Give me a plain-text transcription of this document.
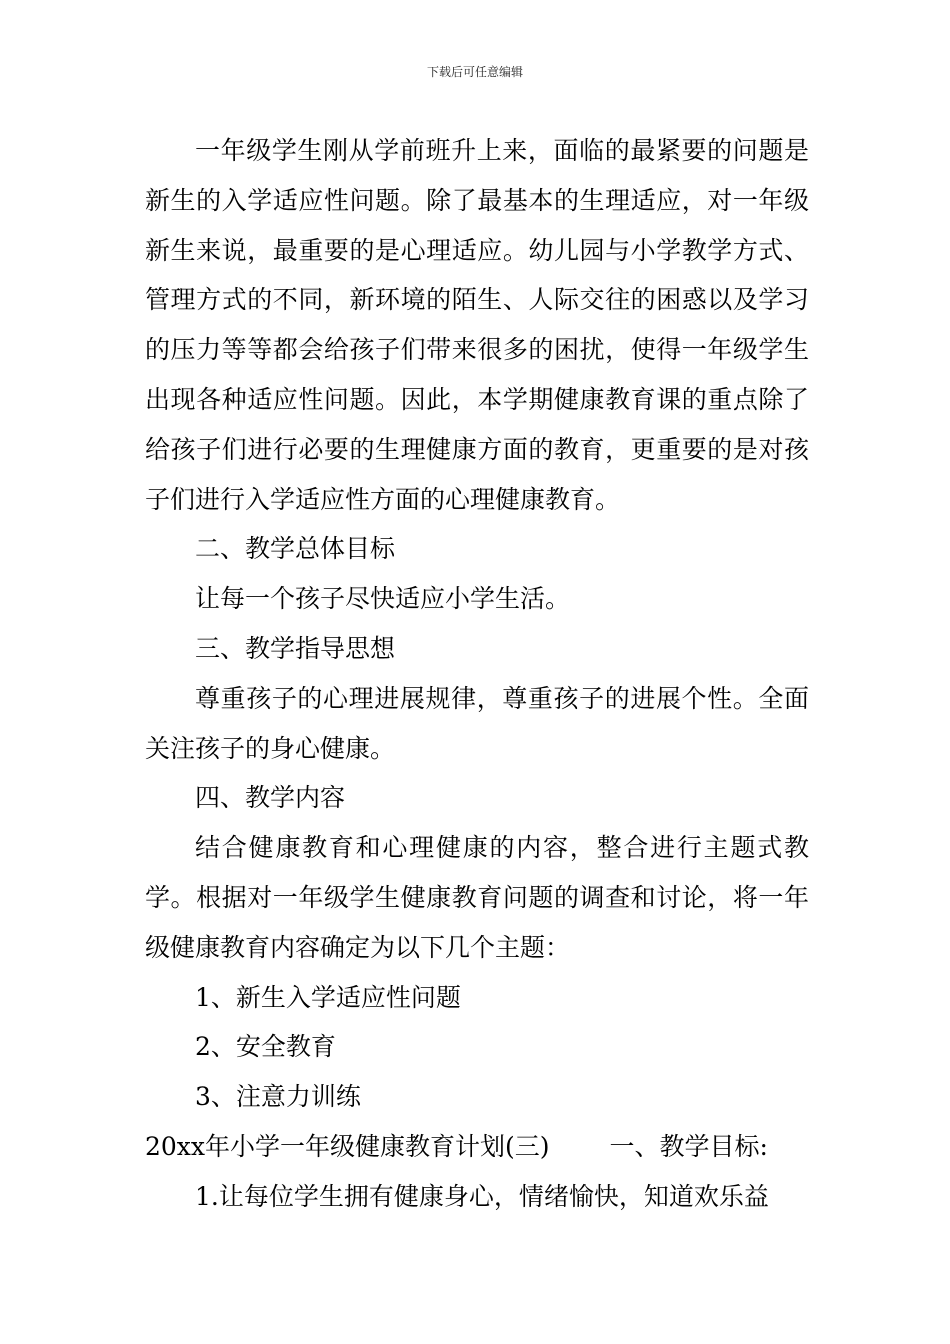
下载后可任意编辑

一年级学生刚从学前班升上来，面临的最紧要的问题是新生的入学适应性问题。除了最基本的生理适应，对一年级新生来说，最重要的是心理适应。幼儿园与小学教学方式、管理方式的不同，新环境的陌生、人际交往的困惑以及学习的压力等等都会给孩子们带来很多的困扰，使得一年级学生出现各种适应性问题。因此，本学期健康教育课的重点除了给孩子们进行必要的生理健康方面的教育，更重要的是对孩子们进行入学适应性方面的心理健康教育。

二、教学总体目标

让每一个孩子尽快适应小学生活。

三、教学指导思想

尊重孩子的心理进展规律，尊重孩子的进展个性。全面关注孩子的身心健康。

四、教学内容

结合健康教育和心理健康的内容，整合进行主题式教学。根据对一年级学生健康教育问题的调查和讨论，将一年级健康教育内容确定为以下几个主题：

1、新生入学适应性问题

2、安全教育

3、注意力训练

20xx年小学一年级健康教育计划(三) 一、教学目标:

1.让每位学生拥有健康身心，情绪愉快，知道欢乐益
